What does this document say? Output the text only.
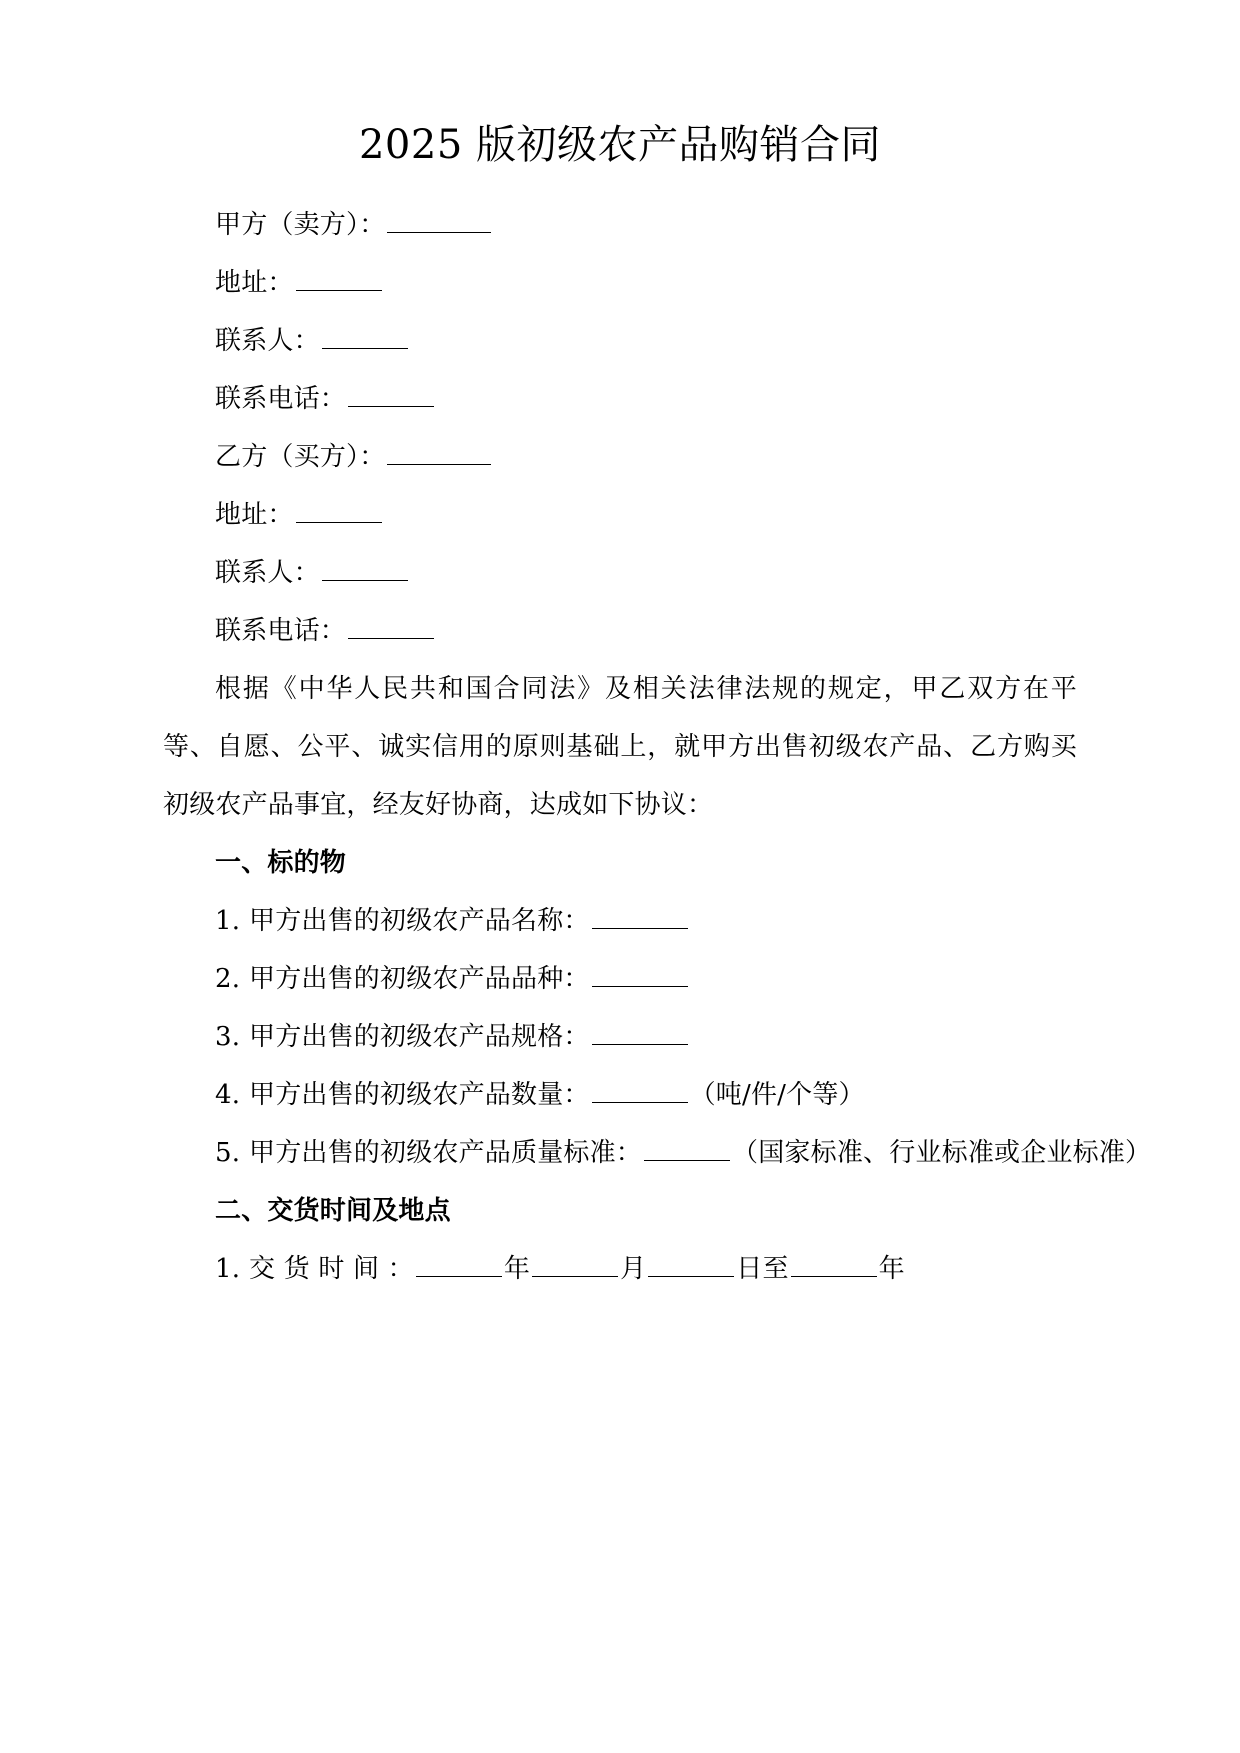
2025 版初级农产品购销合同
甲方（卖方）：
地址：
联系人：
联系电话：
乙方（买方）：
地址：
联系人：
联系电话：

根据《中华人民共和国合同法》及相关法律法规的规定，甲乙双方在平等、自愿、公平、诚实信用的原则基础上，就甲方出售初级农产品、乙方购买初级农产品事宜，经友好协商，达成如下协议：

一、标的物
1. 甲方出售的初级农产品名称：
2. 甲方出售的初级农产品品种：
3. 甲方出售的初级农产品规格：
4. 甲方出售的初级农产品数量：	（吨/件/个等）
5. 甲方出售的初级农产品质量标准：	（国家标准、行业标准或企业标准）
二、交货时间及地点
1. 交 货 时 间 ：	年	月	日至	年
